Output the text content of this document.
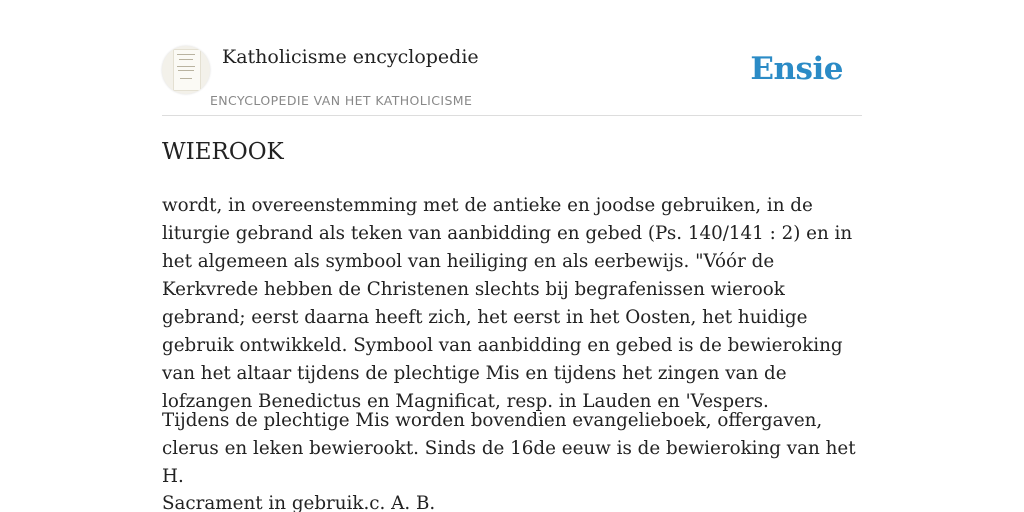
Katholicisme encyclopedie
ENCYCLOPEDIE VAN HET KATHOLICISME
Ensie
WIEROOK

wordt, in overeenstemming met de antieke en joodse gebruiken, in de liturgie gebrand als teken van aanbidding en gebed (Ps. 140/141 : 2) en in het algemeen als symbool van heiliging en als eerbewijs. "Vóór de Kerkvrede hebben de Christenen slechts bij begrafenissen wierook gebrand; eerst daarna heeft zich, het eerst in het Oosten, het huidige gebruik ontwikkeld. Symbool van aanbidding en gebed is de bewieroking van het altaar tijdens de plechtige Mis en tijdens het zingen van de lofzangen Benedictus en Magnificat, resp. in Lauden en 'Vespers.

Tijdens de plechtige Mis worden bovendien evangelieboek, offergaven, clerus en leken bewierookt. Sinds de 16de eeuw is de bewieroking van het H.

Sacrament in gebruik.c. A. B.
